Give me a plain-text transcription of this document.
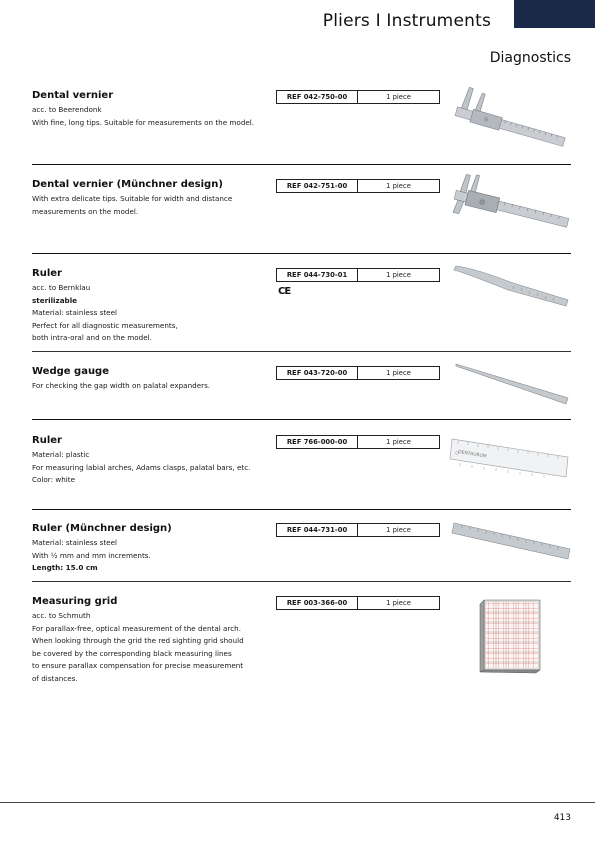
Pliers I Instruments
Diagnostics
Dental vernier
acc. to Beerendonk
With fine, long tips. Suitable for measurements on the model.
REF 042-750-00	1 piece
Dental vernier (Münchner design)
With extra delicate tips. Suitable for width and distance
measurements on the model.
REF 042-751-00	1 piece
Ruler
acc. to Bernklau
sterilizable
Material: stainless steel
Perfect for all diagnostic measurements,
both intra-oral and on the model.
REF 044-730-01	1 piece
CE
Wedge gauge
For checking the gap width on palatal expanders.
REF 043-720-00	1 piece
Ruler
Material: plastic
For measuring labial arches, Adams clasps, palatal bars, etc.
Color: white
REF 766-000-00	1 piece
DENTAURUM
Ruler (Münchner design)
Material: stainless steel
With ½ mm and mm increments.
Length: 15.0 cm
REF 044-731-00	1 piece
Measuring grid
acc. to Schmuth
For parallax-free, optical measurement of the dental arch.
When looking through the grid the red sighting grid should
be covered by the corresponding black measuring lines
to ensure parallax compensation for precise measurement
of distances.
REF 003-366-00	1 piece
413
